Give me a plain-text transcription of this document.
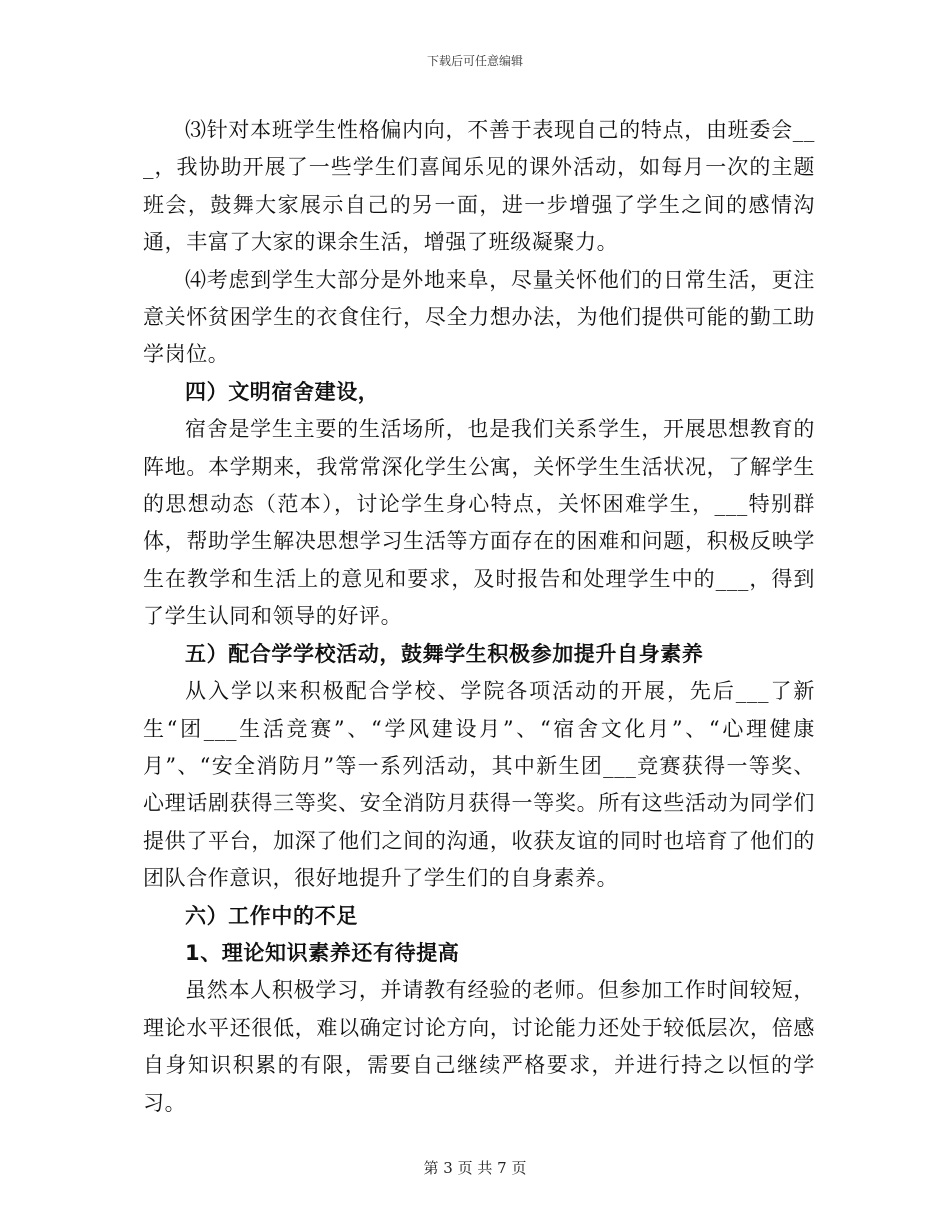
下载后可任意编辑

⑶针对本班学生性格偏内向，不善于表现自己的特点，由班委会___，我协助开展了一些学生们喜闻乐见的课外活动，如每月一次的主题班会，鼓舞大家展示自己的另一面，进一步增强了学生之间的感情沟通，丰富了大家的课余生活，增强了班级凝聚力。

⑷考虑到学生大部分是外地来阜，尽量关怀他们的日常生活，更注意关怀贫困学生的衣食住行，尽全力想办法，为他们提供可能的勤工助学岗位。

四）文明宿舍建设，

宿舍是学生主要的生活场所，也是我们关系学生，开展思想教育的阵地。本学期来，我常常深化学生公寓，关怀学生生活状况，了解学生的思想动态（范本），讨论学生身心特点，关怀困难学生，___特别群体，帮助学生解决思想学习生活等方面存在的困难和问题，积极反映学生在教学和生活上的意见和要求，及时报告和处理学生中的___，得到了学生认同和领导的好评。

五）配合学学校活动，鼓舞学生积极参加提升自身素养

从入学以来积极配合学校、学院各项活动的开展，先后___了新生“团___生活竞赛”、“学风建设月”、“宿舍文化月”、“心理健康月”、“安全消防月”等一系列活动，其中新生团___竞赛获得一等奖、心理话剧获得三等奖、安全消防月获得一等奖。所有这些活动为同学们提供了平台，加深了他们之间的沟通，收获友谊的同时也培育了他们的团队合作意识，很好地提升了学生们的自身素养。

六）工作中的不足

1、理论知识素养还有待提高

虽然本人积极学习，并请教有经验的老师。但参加工作时间较短，理论水平还很低，难以确定讨论方向，讨论能力还处于较低层次，倍感自身知识积累的有限，需要自己继续严格要求，并进行持之以恒的学习。

第 3 页 共 7 页
